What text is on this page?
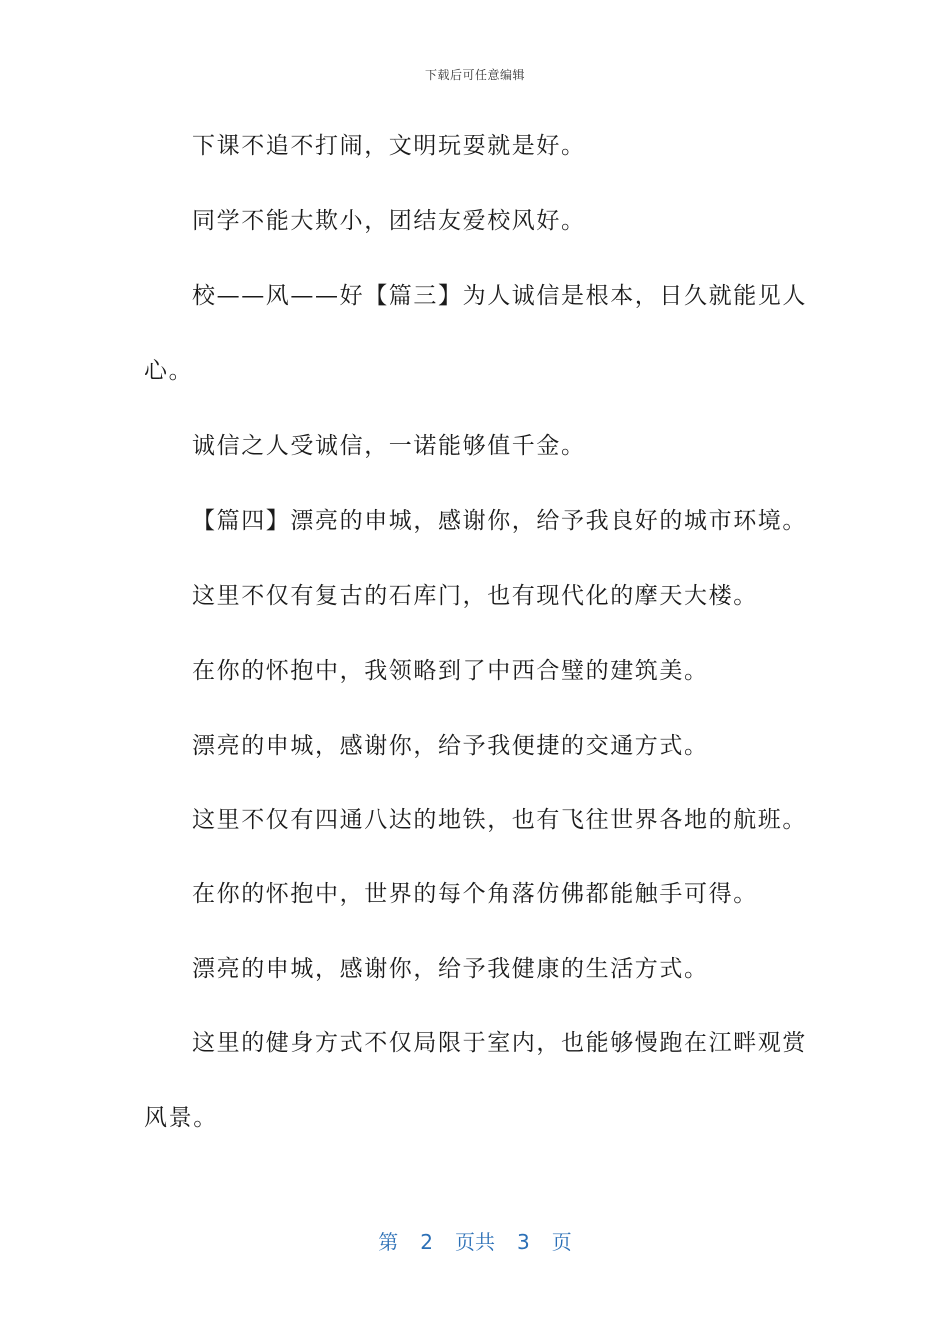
下载后可任意编辑
下课不追不打闹，文明玩耍就是好。
同学不能大欺小，团结友爱校风好。
校——风——好【篇三】为人诚信是根本，日久就能见人
心。
诚信之人受诚信，一诺能够值千金。
【篇四】漂亮的申城，感谢你，给予我良好的城市环境。
这里不仅有复古的石库门，也有现代化的摩天大楼。
在你的怀抱中，我领略到了中西合璧的建筑美。
漂亮的申城，感谢你，给予我便捷的交通方式。
这里不仅有四通八达的地铁，也有飞往世界各地的航班。
在你的怀抱中，世界的每个角落仿佛都能触手可得。
漂亮的申城，感谢你，给予我健康的生活方式。
这里的健身方式不仅局限于室内，也能够慢跑在江畔观赏
风景。
第 2 页共 3 页
